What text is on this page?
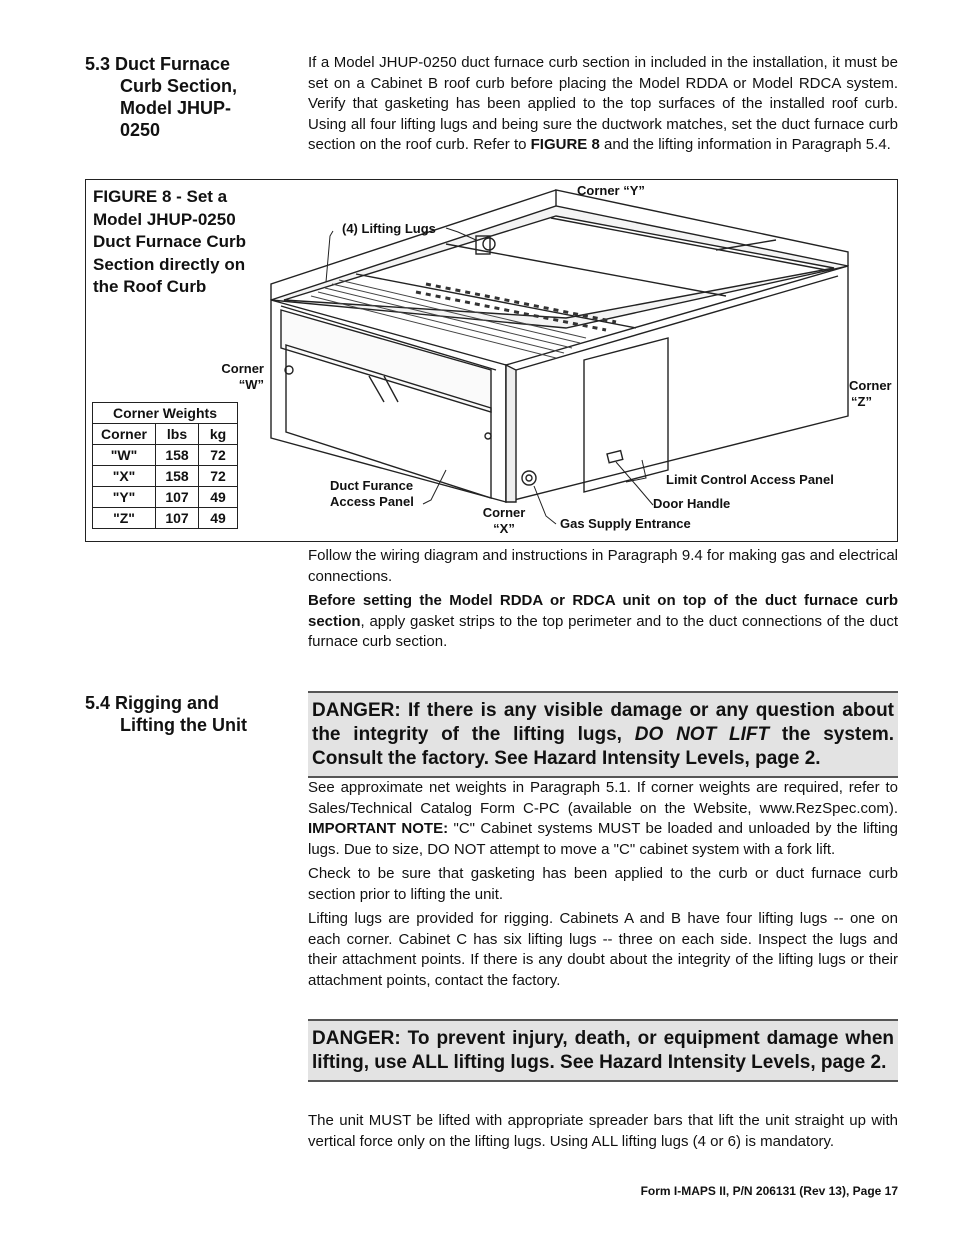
5.3 Duct Furnace
Curb Section,
Model JHUP-
0250
If a Model JHUP-0250 duct furnace curb section in included in the installation, it must be set on a Cabinet B roof curb before placing the Model RDDA or Model RDCA system. Verify that gasketing has been applied to the top surfaces of the installed roof curb. Using all four lifting lugs and being sure the ductwork matches, set the duct furnace curb section on the roof curb. Refer to FIGURE 8 and the lifting information in Paragraph 5.4.
FIGURE 8 - Set a
Model JHUP-0250
Duct Furnace Curb
Section directly on
the Roof Curb
Corner “Y”
(4) Lifting Lugs
Corner
“W”	Corner
“Z”
Limit Control Access Panel
Door Handle
Gas Supply Entrance
Duct Furance
Access Panel
Corner
“X”
Corner Weights		
Corner	lbs	kg
"W"	158	72
"X"	158	72
"Y"	107	49
"Z"	107	49

Follow the wiring diagram and instructions in Paragraph 9.4 for making gas and electrical connections.

Before setting the Model RDDA or RDCA unit on top of the duct furnace curb section, apply gasket strips to the top perimeter and to the duct connections of the duct furnace curb section.

5.4 Rigging and
Lifting the Unit
DANGER: If there is any visible damage or any question about the integrity of the lifting lugs, DO NOT LIFT the system. Consult the factory. See Hazard Intensity Levels, page 2.

See approximate net weights in Paragraph 5.1. If corner weights are required, refer to Sales/Technical Catalog Form C-PC (available on the Website, www.RezSpec.com). IMPORTANT NOTE: "C" Cabinet systems MUST be loaded and unloaded by the lifting lugs. Due to size, DO NOT attempt to move a "C" cabinet system with a fork lift.

Check to be sure that gasketing has been applied to the curb or duct furnace curb section prior to lifting the unit.

Lifting lugs are provided for rigging. Cabinets A and B have four lifting lugs -- one on each corner. Cabinet C has six lifting lugs -- three on each side. Inspect the lugs and their attachment points. If there is any doubt about the integrity of the lifting lugs or their attachment points, contact the factory.

DANGER: To prevent injury, death, or equipment damage when lifting, use ALL lifting lugs. See Hazard Intensity Levels, page 2.

The unit MUST be lifted with appropriate spreader bars that lift the unit straight up with vertical force only on the lifting lugs. Using ALL lifting lugs (4 or 6) is mandatory.

Form I-MAPS II, P/N 206131 (Rev 13), Page 17
